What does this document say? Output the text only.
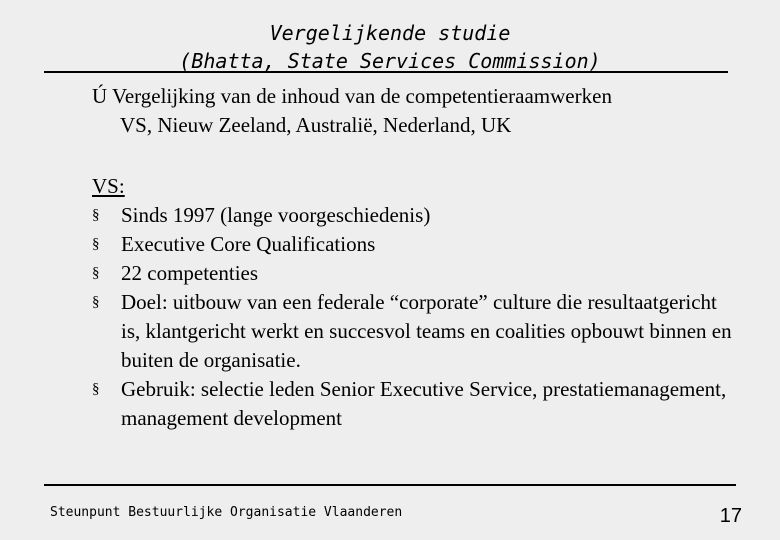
Vergelijkende studie
(Bhatta, State Services Commission)
Ú Vergelijking van de inhoud van de competentieraamwerken
VS, Nieuw Zeeland, Australië, Nederland, UK
VS:
§ Sinds 1997 (lange voorgeschiedenis)
§ Executive Core Qualifications
§ 22 competenties
§ Doel: uitbouw van een federale “corporate” culture die resultaatgericht is, klantgericht werkt en succesvol teams en coalities opbouwt binnen en buiten de organisatie.
§ Gebruik: selectie leden Senior Executive Service, prestatiemanagement, management development
Steunpunt Bestuurlijke Organisatie Vlaanderen	17
